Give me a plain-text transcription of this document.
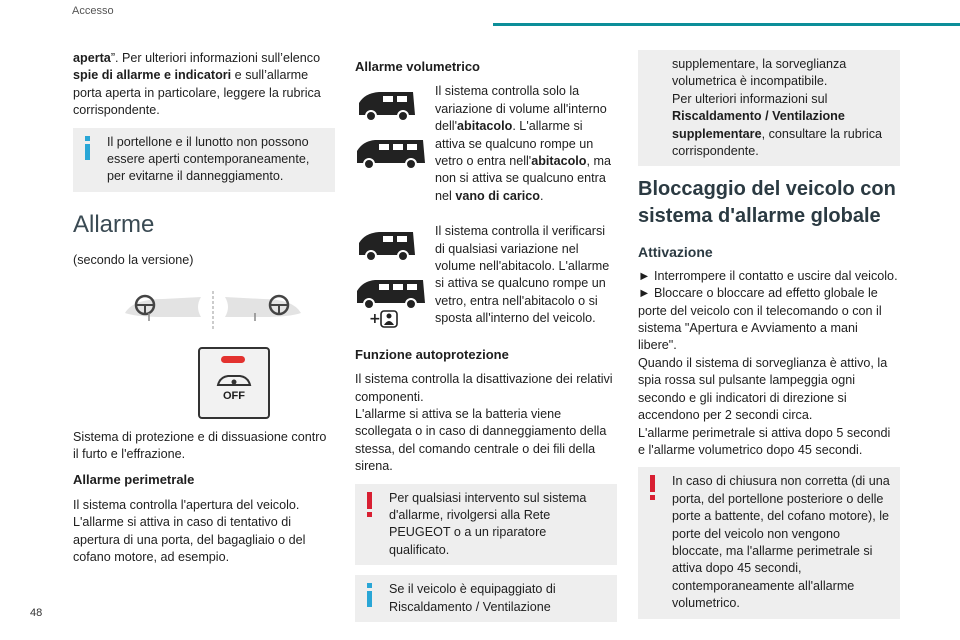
Accesso

aperta”. Per ulteriori informazioni sull’elenco spie di allarme e indicatori e sull’allarme porta aperta in particolare, leggere la rubrica corrispondente.

Il portellone e il lunotto non possono essere aperti contemporaneamente, per evitarne il danneggiamento.
Allarme

(secondo la versione)

OFF

Sistema di protezione e di dissuasione contro il furto e l'effrazione.

Allarme perimetrale

Il sistema controlla l'apertura del veicolo. L'allarme si attiva in caso di tentativo di apertura di una porta, del bagagliaio o del cofano motore, ad esempio.

Allarme volumetrico

Il sistema controlla solo la variazione di volume all'interno dell'abitacolo. L'allarme si attiva se qualcuno rompe un vetro o entra nell'abitacolo, ma non si attiva se qualcuno entra nel vano di carico.

+

Il sistema controlla il verificarsi di qualsiasi variazione nel volume nell'abitacolo. L'allarme si attiva se qualcuno rompe un vetro, entra nell'abitacolo o si sposta all'interno del veicolo.

Funzione autoprotezione

Il sistema controlla la disattivazione dei relativi componenti.

L'allarme si attiva se la batteria viene scollegata o in caso di danneggiamento della stessa, del comando centrale o dei fili della sirena.

Per qualsiasi intervento sul sistema d'allarme, rivolgersi alla Rete PEUGEOT o a un riparatore qualificato.
Se il veicolo è equipaggiato di Riscaldamento / Ventilazione
supplementare, la sorveglianza volumetrica è incompatibile.
Per ulteriori informazioni sul Riscaldamento / Ventilazione supplementare, consultare la rubrica corrispondente.
Bloccaggio del veicolo con sistema d'allarme globale
Attivazione

► Interrompere il contatto e uscire dal veicolo.

► Bloccare o bloccare ad effetto globale le porte del veicolo con il telecomando o con il sistema "Apertura e Avviamento a mani libere".

Quando il sistema di sorveglianza è attivo, la spia rossa sul pulsante lampeggia ogni secondo e gli indicatori di direzione si accendono per 2 secondi circa.

L'allarme perimetrale si attiva dopo 5 secondi e l'allarme volumetrico dopo 45 secondi.

In caso di chiusura non corretta (di una porta, del portellone posteriore o delle porte a battente, del cofano motore), le porte del veicolo non vengono bloccate, ma l'allarme perimetrale si attiva dopo 45 secondi, contemporaneamente all'allarme volumetrico.
48
